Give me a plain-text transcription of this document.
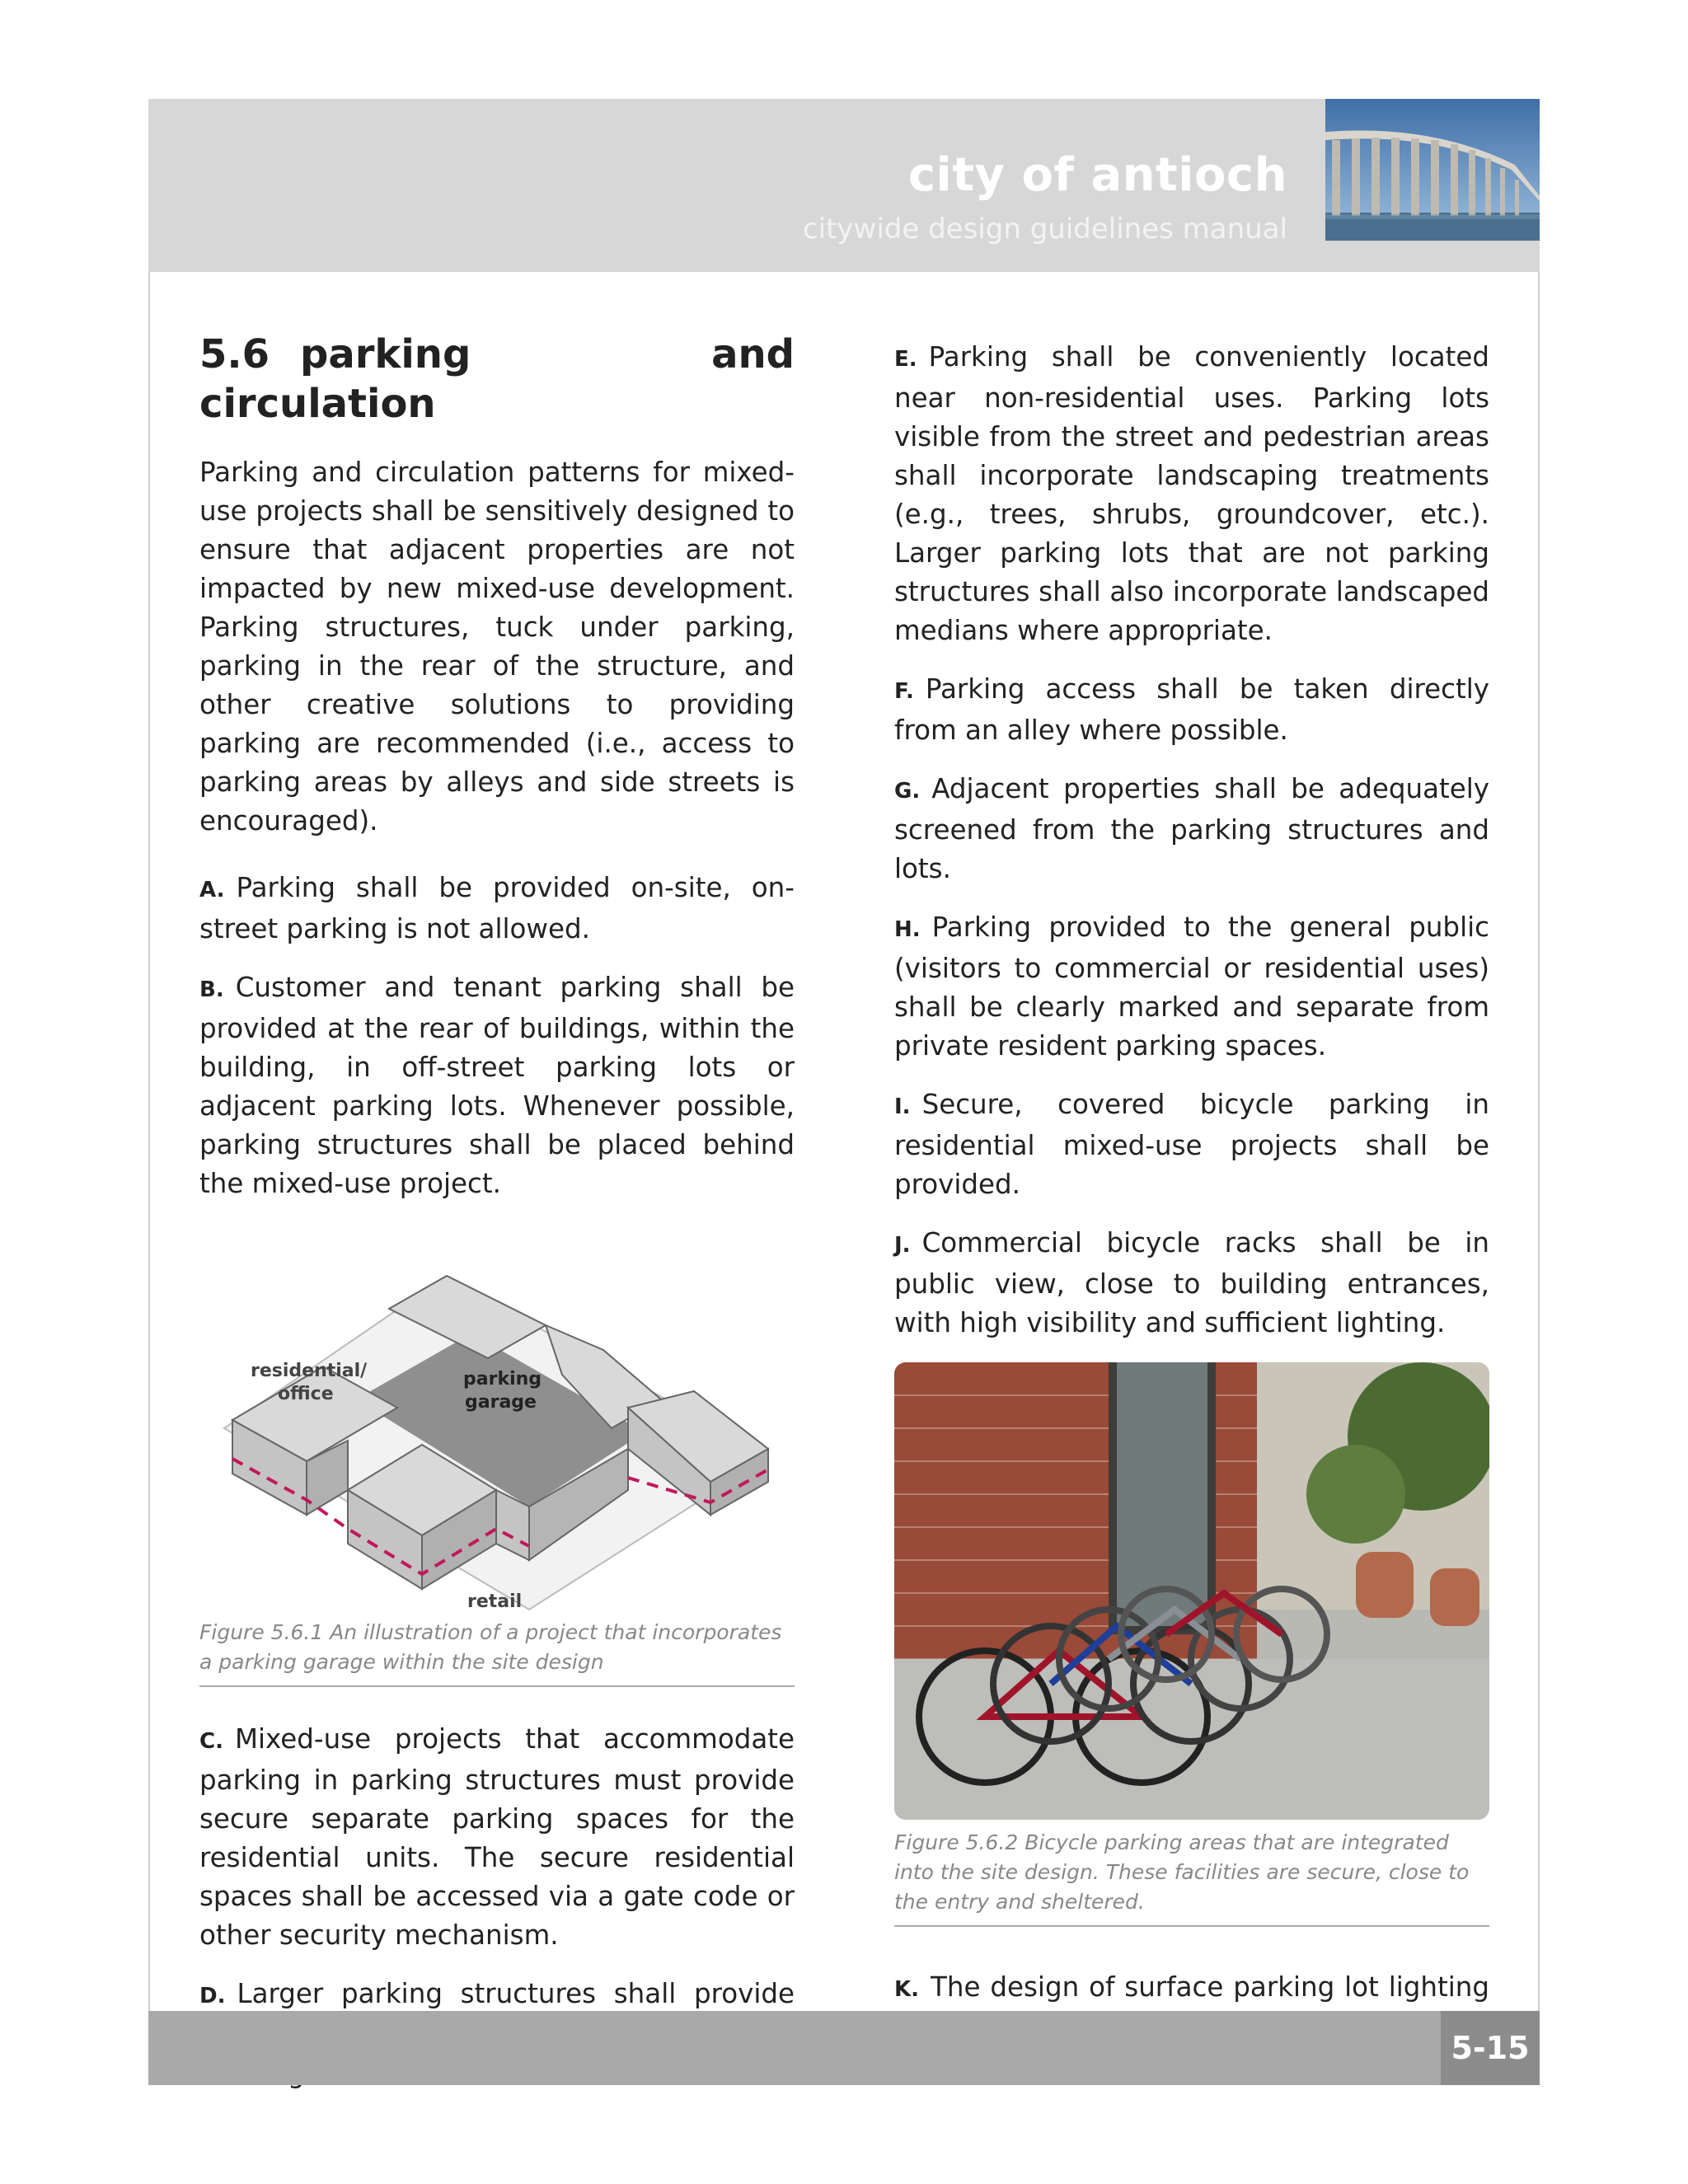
city of antioch
citywide design guidelines manual
5.6 parking and circulation

Parking and circulation patterns for mixed-use projects shall be sensitively designed to ensure that adjacent properties are not impacted by new mixed-use development. Parking structures, tuck under parking, parking in the rear of the structure, and other creative solutions to providing parking are recommended (i.e., access to parking areas by alleys and side streets is encouraged).

A. Parking shall be provided on-site, on-street parking is not allowed.

B. Customer and tenant parking shall be provided at the rear of buildings, within the building, in off-street parking lots or adjacent parking lots. Whenever possible, parking structures shall be placed behind the mixed-use project.

residential/
office
parking
garage
retail
Figure 5.6.1 An illustration of a project that incorporates a parking garage within the site design

C. Mixed-use projects that accommodate parking in parking structures must provide secure separate parking spaces for the residential units. The secure residential spaces shall be accessed via a gate code or other security mechanism.

D. Larger parking structures shall provide

E. Parking shall be conveniently located near non-residential uses. Parking lots visible from the street and pedestrian areas shall incorporate landscaping treatments (e.g., trees, shrubs, groundcover, etc.). Larger parking lots that are not parking structures shall also incorporate landscaped medians where appropriate.

F. Parking access shall be taken directly from an alley where possible.

G. Adjacent properties shall be adequately screened from the parking structures and lots.

H. Parking provided to the general public (visitors to commercial or residential uses) shall be clearly marked and separate from private resident parking spaces.

I. Secure, covered bicycle parking in residential mixed-use projects shall be provided.

J. Commercial bicycle racks shall be in public view, close to building entrances, with high visibility and sufficient lighting.

Figure 5.6.2 Bicycle parking areas that are integrated into the site design. These facilities are secure, close to the entry and sheltered.

K. The design of surface parking lot lighting

5-15
